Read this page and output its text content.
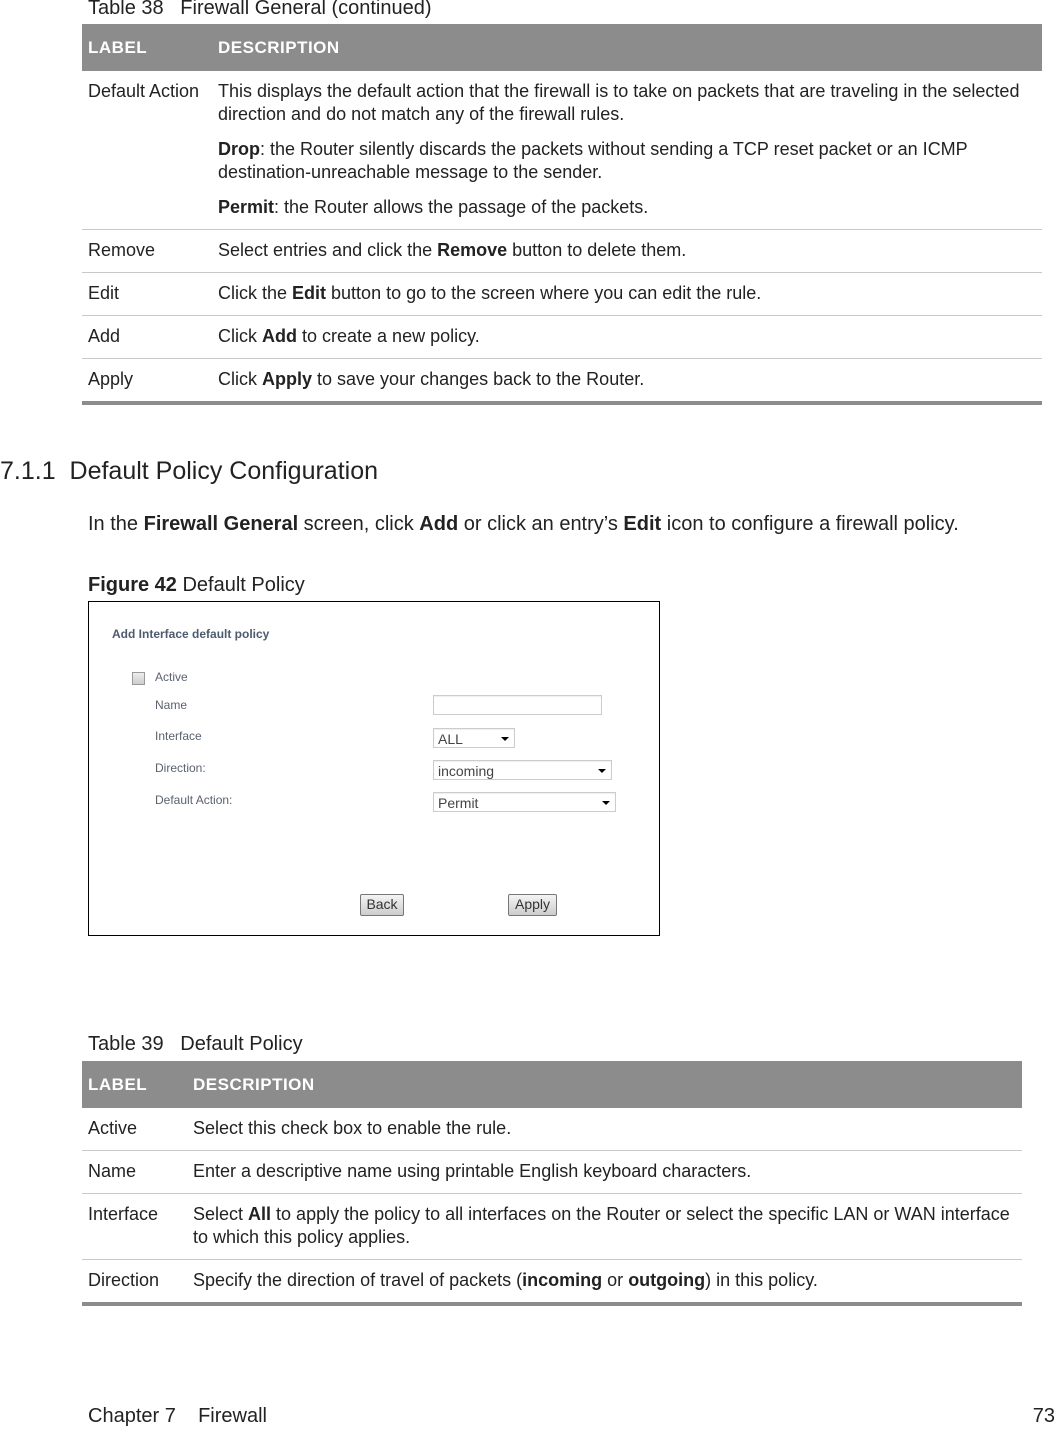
Table 38 Firewall General (continued)
LABEL	DESCRIPTION
Default Action	This displays the default action that the firewall is to take on packets that are traveling in the selected direction and do not match any of the firewall rules.

Drop: the Router silently discards the packets without sending a TCP reset packet or an ICMP destination-unreachable message to the sender.

Permit: the Router allows the passage of the packets.

Remove	Select entries and click the Remove button to delete them.

Edit	Click the Edit button to go to the screen where you can edit the rule.

Add	Click Add to create a new policy.

Apply	Click Apply to save your changes back to the Router.

7.1.1 Default Policy Configuration
In the Firewall General screen, click Add or click an entry’s Edit icon to configure a firewall policy.
Figure 42 Default Policy
Add Interface default policy
Active
Name
Interface	ALL
Direction:	incoming
Default Action:	Permit
Back	Apply
Table 39 Default Policy
LABEL	DESCRIPTION
Active	Select this check box to enable the rule.

Name	Enter a descriptive name using printable English keyboard characters.

Interface	Select All to apply the policy to all interfaces on the Router or select the specific LAN or WAN interface to which this policy applies.

Direction	Specify the direction of travel of packets (incoming or outgoing) in this policy.

Chapter 7 Firewall	73
